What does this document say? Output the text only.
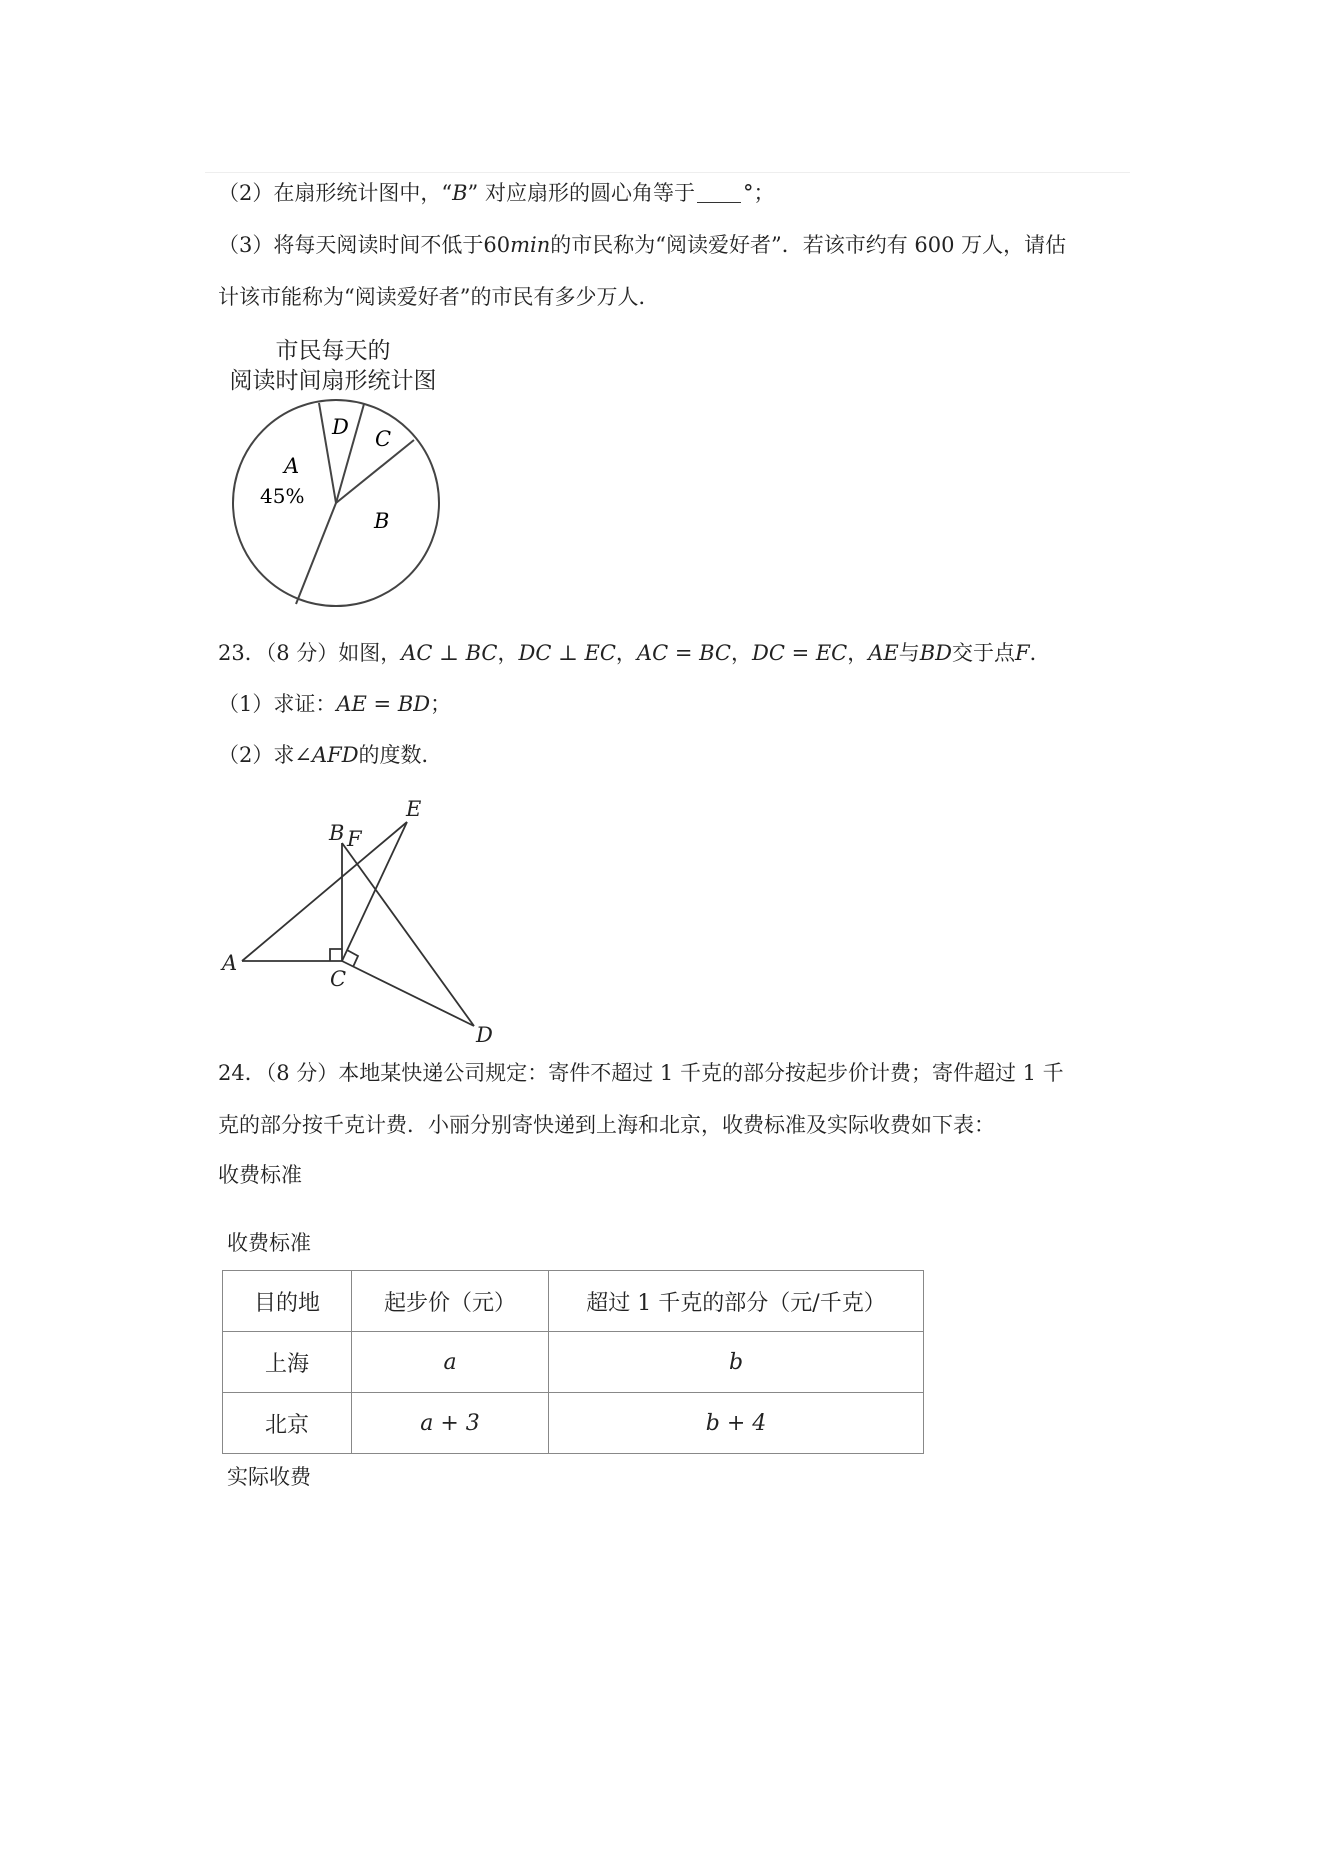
（2）在扇形统计图中，“B” 对应扇形的圆心角等于 °；
（3）将每天阅读时间不低于60min的市民称为“阅读爱好者”．若该市约有 600 万人，请估
计该市能称为“阅读爱好者”的市民有多少万人．
市民每天的
阅读时间扇形统计图
A
45%
B
C
D
23．（8 分）如图，AC ⊥ BC，DC ⊥ EC，AC = BC，DC = EC，AE与BD交于点F．
（1）求证：AE = BD；
（2）求∠AFD的度数．
A
B F
C
D
E
24．（8 分）本地某快递公司规定：寄件不超过 1 千克的部分按起步价计费；寄件超过 1 千
克的部分按千克计费．小丽分别寄快递到上海和北京，收费标准及实际收费如下表：
收费标准
收费标准
目的地	起步价（元）	超过 1 千克的部分（元/千克）
上海	a	b
北京	a + 3	b + 4
实际收费
